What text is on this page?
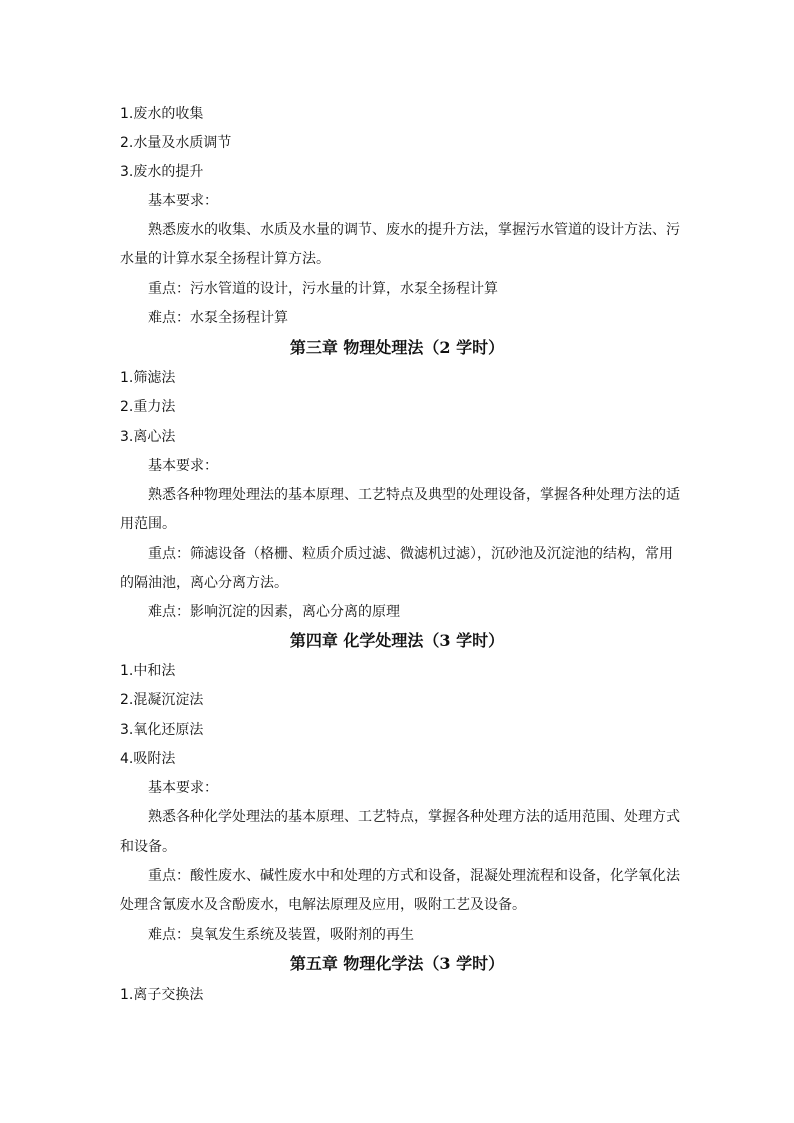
1.废水的收集
2.水量及水质调节
3.废水的提升
基本要求：
熟悉废水的收集、水质及水量的调节、废水的提升方法，掌握污水管道的设计方法、污
水量的计算水泵全扬程计算方法。
重点：污水管道的设计，污水量的计算，水泵全扬程计算
难点：水泵全扬程计算
第三章 物理处理法（2 学时）
1.筛滤法
2.重力法
3.离心法
基本要求：
熟悉各种物理处理法的基本原理、工艺特点及典型的处理设备，掌握各种处理方法的适
用范围。
重点：筛滤设备（格栅、粒质介质过滤、微滤机过滤），沉砂池及沉淀池的结构，常用
的隔油池，离心分离方法。
难点：影响沉淀的因素，离心分离的原理
第四章 化学处理法（3 学时）
1.中和法
2.混凝沉淀法
3.氧化还原法
4.吸附法
基本要求：
熟悉各种化学处理法的基本原理、工艺特点，掌握各种处理方法的适用范围、处理方式
和设备。
重点：酸性废水、碱性废水中和处理的方式和设备，混凝处理流程和设备，化学氧化法
处理含氰废水及含酚废水，电解法原理及应用，吸附工艺及设备。
难点：臭氧发生系统及装置，吸附剂的再生
第五章 物理化学法（3 学时）
1.离子交换法
